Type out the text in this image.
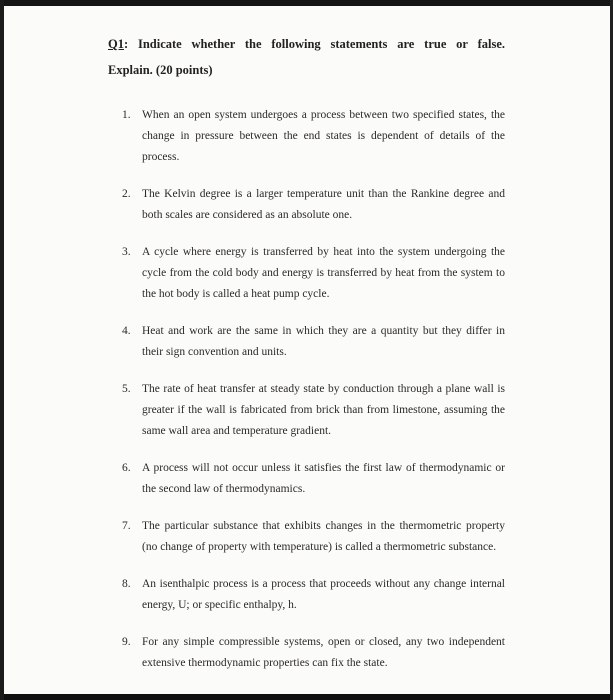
Q1: Indicate whether the following statements are true or false.
Explain. (20 points)
1. When an open system undergoes a process between two specified states, the change in pressure between the end states is dependent of details of the process.
2. The Kelvin degree is a larger temperature unit than the Rankine degree and both scales are considered as an absolute one.
3. A cycle where energy is transferred by heat into the system undergoing the cycle from the cold body and energy is transferred by heat from the system to the hot body is called a heat pump cycle.
4. Heat and work are the same in which they are a quantity but they differ in their sign convention and units.
5. The rate of heat transfer at steady state by conduction through a plane wall is greater if the wall is fabricated from brick than from limestone, assuming the same wall area and temperature gradient.
6. A process will not occur unless it satisfies the first law of thermodynamic or the second law of thermodynamics.
7. The particular substance that exhibits changes in the thermometric property (no change of property with temperature) is called a thermometric substance.
8. An isenthalpic process is a process that proceeds without any change internal energy, U; or specific enthalpy, h.
9. For any simple compressible systems, open or closed, any two independent extensive thermodynamic properties can fix the state.
